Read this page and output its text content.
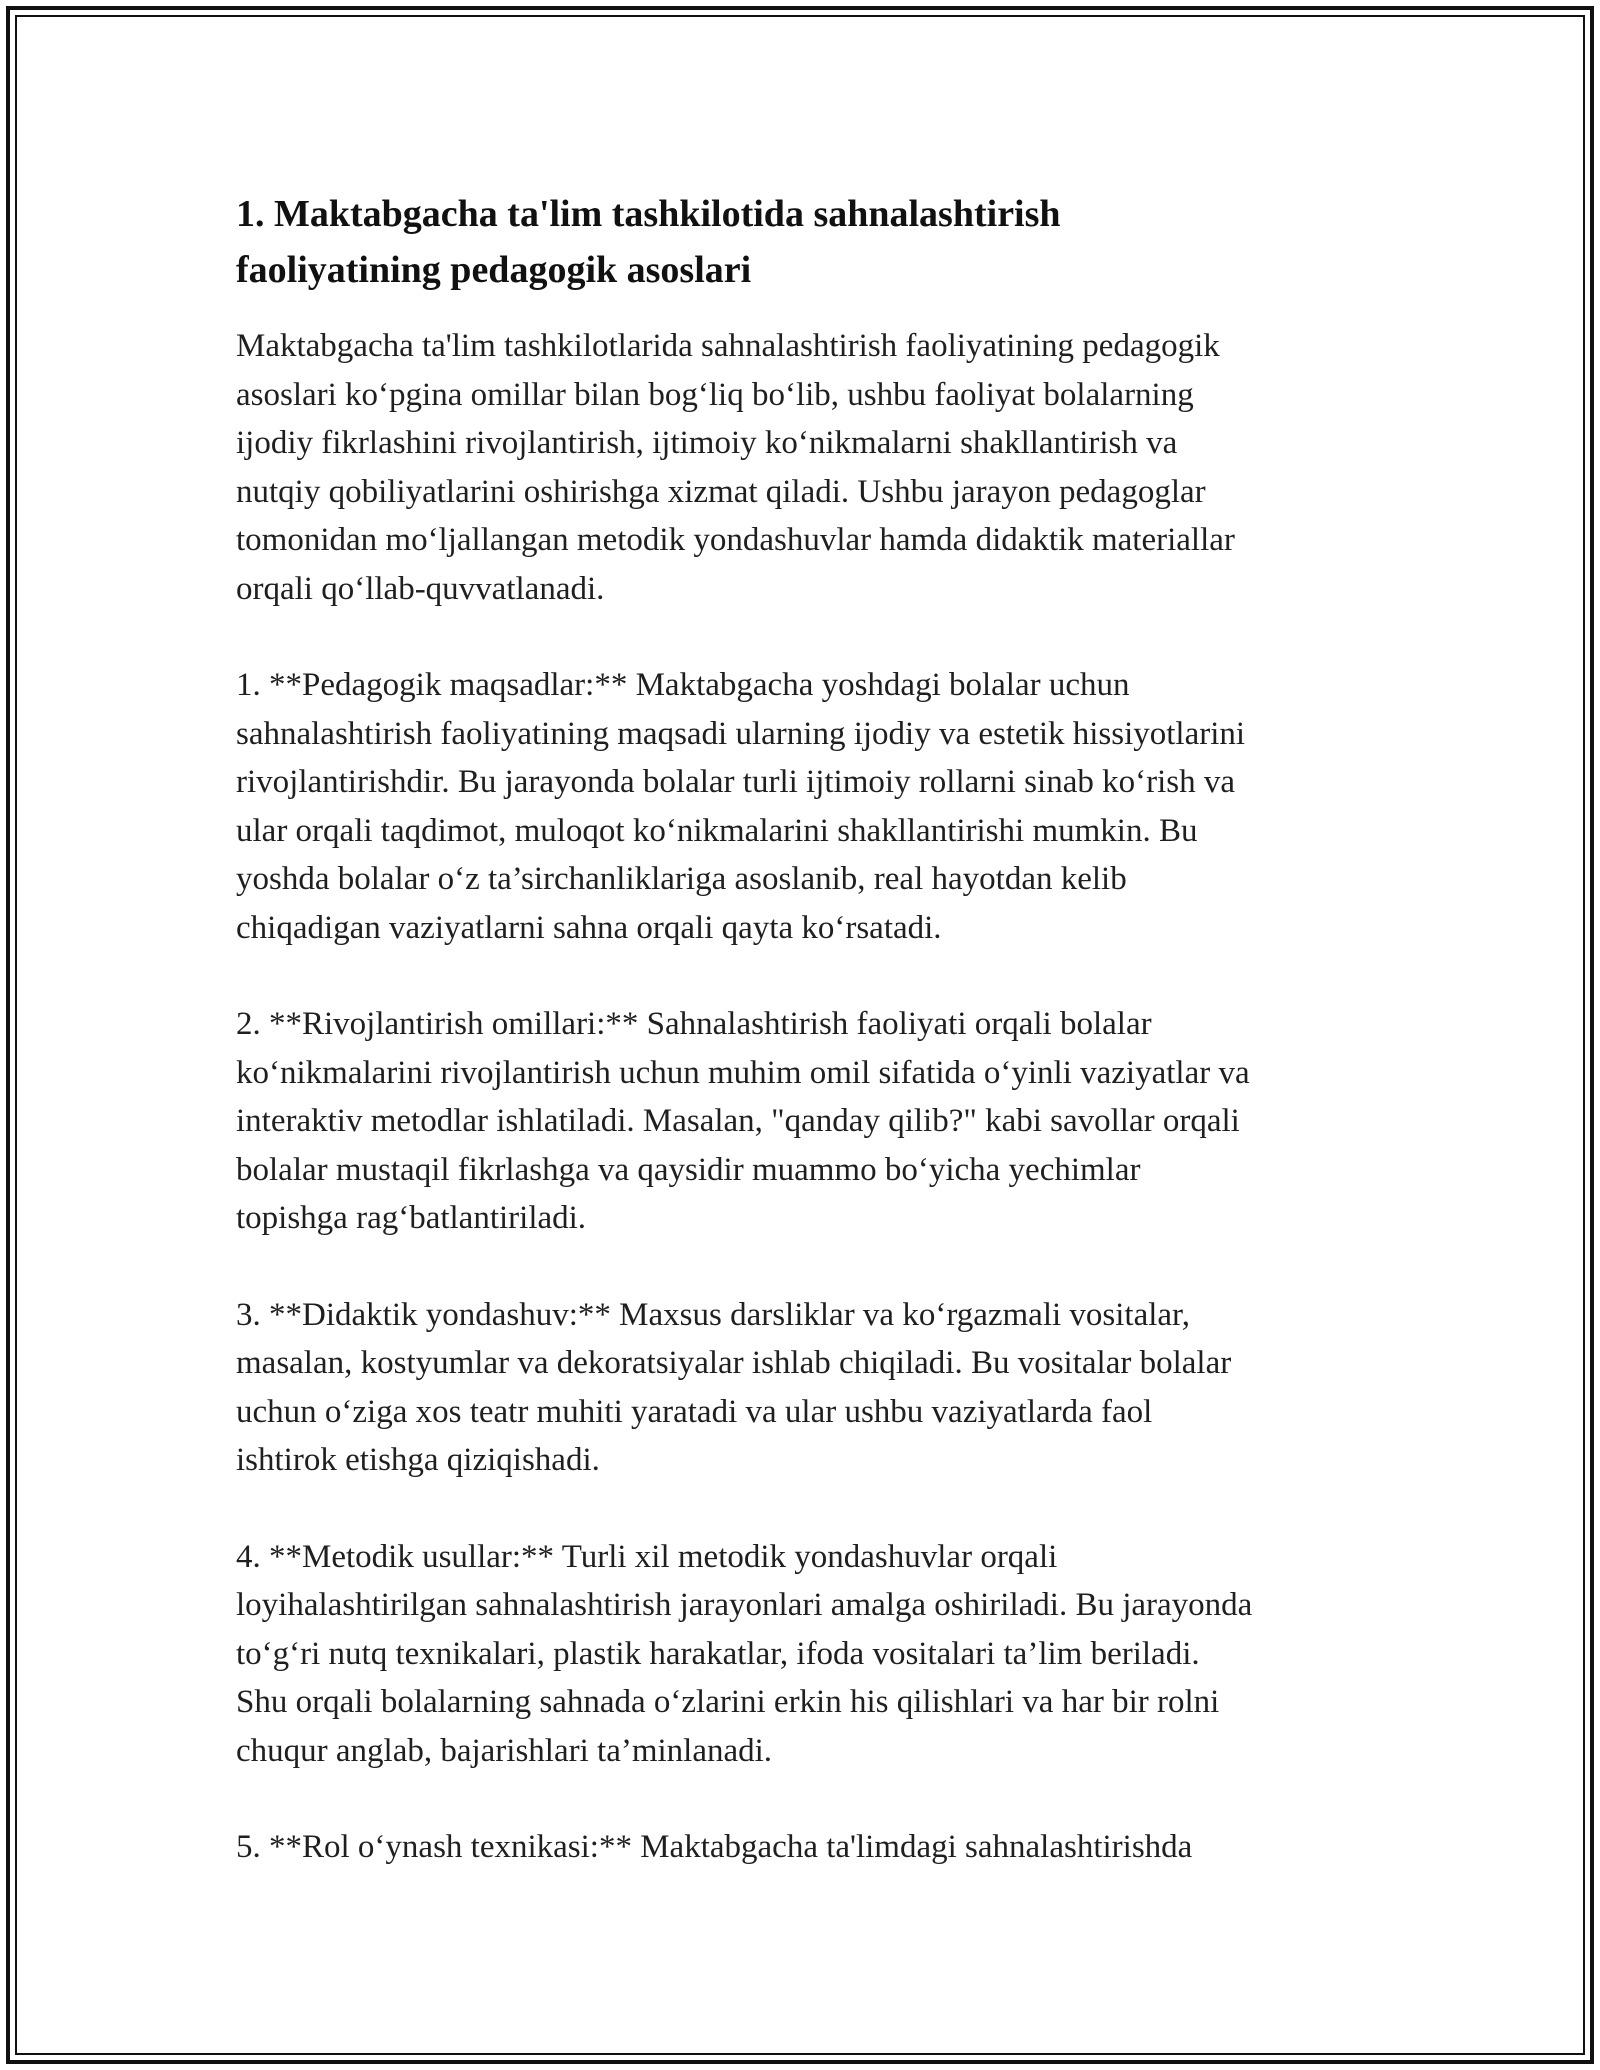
1. Maktabgacha ta'lim tashkilotida sahnalashtirish
faoliyatining pedagogik asoslari
Maktabgacha ta'lim tashkilotlarida sahnalashtirish faoliyatining pedagogik
asoslari ko‘pgina omillar bilan bog‘liq bo‘lib, ushbu faoliyat bolalarning
ijodiy fikrlashini rivojlantirish, ijtimoiy ko‘nikmalarni shakllantirish va
nutqiy qobiliyatlarini oshirishga xizmat qiladi. Ushbu jarayon pedagoglar
tomonidan mo‘ljallangan metodik yondashuvlar hamda didaktik materiallar
orqali qo‘llab-quvvatlanadi.
1. **Pedagogik maqsadlar:** Maktabgacha yoshdagi bolalar uchun
sahnalashtirish faoliyatining maqsadi ularning ijodiy va estetik hissiyotlarini
rivojlantirishdir. Bu jarayonda bolalar turli ijtimoiy rollarni sinab ko‘rish va
ular orqali taqdimot, muloqot ko‘nikmalarini shakllantirishi mumkin. Bu
yoshda bolalar o‘z ta’sirchanliklariga asoslanib, real hayotdan kelib
chiqadigan vaziyatlarni sahna orqali qayta ko‘rsatadi.
2. **Rivojlantirish omillari:** Sahnalashtirish faoliyati orqali bolalar
ko‘nikmalarini rivojlantirish uchun muhim omil sifatida o‘yinli vaziyatlar va
interaktiv metodlar ishlatiladi. Masalan, "qanday qilib?" kabi savollar orqali
bolalar mustaqil fikrlashga va qaysidir muammo bo‘yicha yechimlar
topishga rag‘batlantiriladi.
3. **Didaktik yondashuv:** Maxsus darsliklar va ko‘rgazmali vositalar,
masalan, kostyumlar va dekoratsiyalar ishlab chiqiladi. Bu vositalar bolalar
uchun o‘ziga xos teatr muhiti yaratadi va ular ushbu vaziyatlarda faol
ishtirok etishga qiziqishadi.
4. **Metodik usullar:** Turli xil metodik yondashuvlar orqali
loyihalashtirilgan sahnalashtirish jarayonlari amalga oshiriladi. Bu jarayonda
to‘g‘ri nutq texnikalari, plastik harakatlar, ifoda vositalari ta’lim beriladi.
Shu orqali bolalarning sahnada o‘zlarini erkin his qilishlari va har bir rolni
chuqur anglab, bajarishlari ta’minlanadi.
5. **Rol o‘ynash texnikasi:** Maktabgacha ta'limdagi sahnalashtirishda
